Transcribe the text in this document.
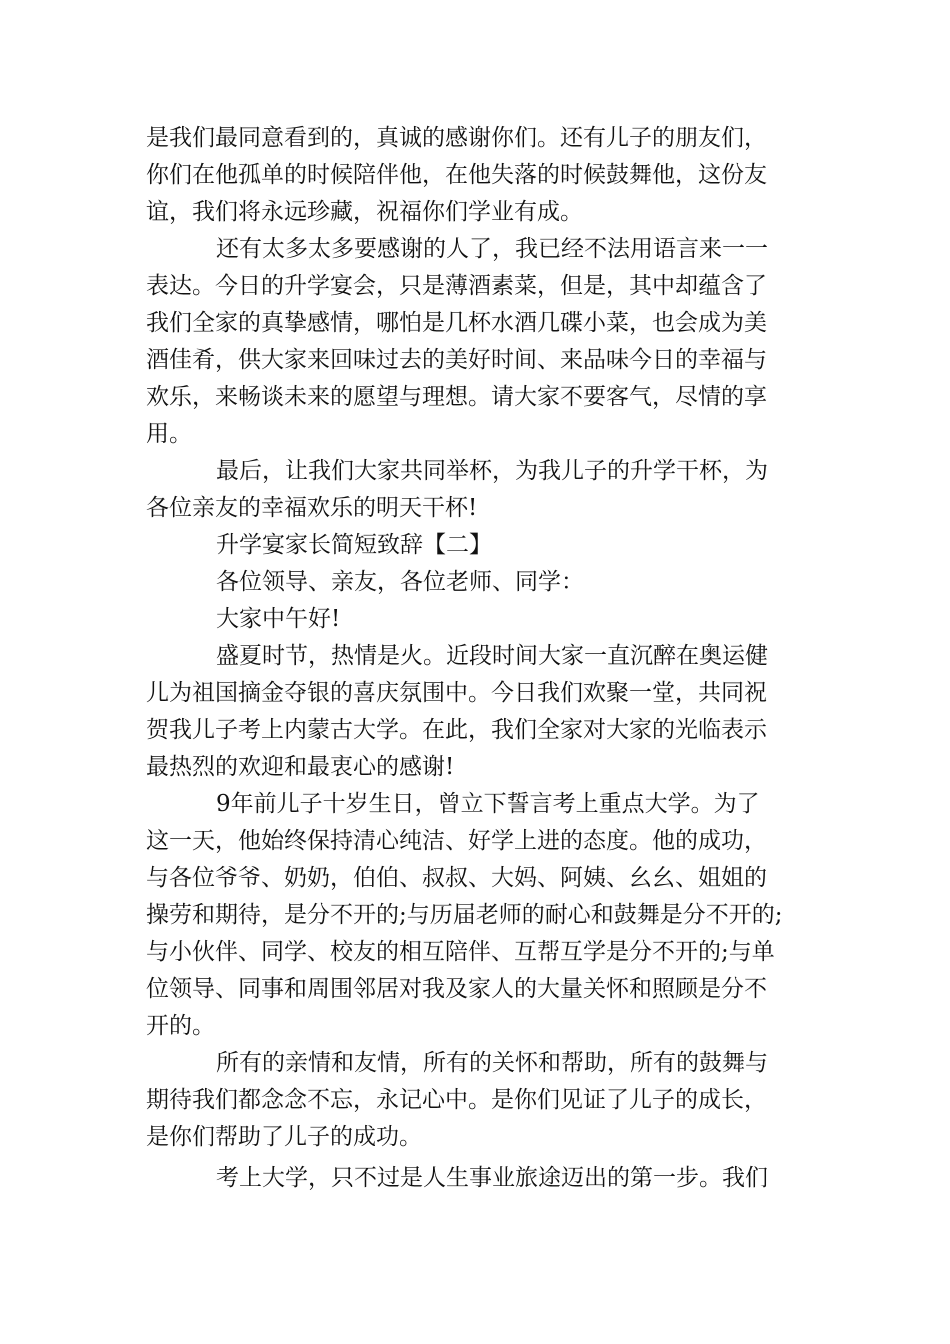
是我们最同意看到的，真诚的感谢你们。还有儿子的朋友们，
你们在他孤单的时候陪伴他，在他失落的时候鼓舞他，这份友
谊，我们将永远珍藏，祝福你们学业有成。
还有太多太多要感谢的人了，我已经不法用语言来一一
表达。今日的升学宴会，只是薄酒素菜，但是，其中却蕴含了
我们全家的真挚感情，哪怕是几杯水酒几碟小菜，也会成为美
酒佳肴，供大家来回味过去的美好时间、来品味今日的幸福与
欢乐，来畅谈未来的愿望与理想。请大家不要客气，尽情的享
用。
最后，让我们大家共同举杯，为我儿子的升学干杯，为
各位亲友的幸福欢乐的明天干杯!
升学宴家长简短致辞【二】
各位领导、亲友，各位老师、同学：
大家中午好!
盛夏时节，热情是火。近段时间大家一直沉醉在奥运健
儿为祖国摘金夺银的喜庆氛围中。今日我们欢聚一堂，共同祝
贺我儿子考上内蒙古大学。在此，我们全家对大家的光临表示
最热烈的欢迎和最衷心的感谢!
9年前儿子十岁生日，曾立下誓言考上重点大学。为了
这一天，他始终保持清心纯洁、好学上进的态度。他的成功，
与各位爷爷、奶奶，伯伯、叔叔、大妈、阿姨、幺幺、姐姐的
操劳和期待，是分不开的;与历届老师的耐心和鼓舞是分不开的;
与小伙伴、同学、校友的相互陪伴、互帮互学是分不开的;与单
位领导、同事和周围邻居对我及家人的大量关怀和照顾是分不
开的。
所有的亲情和友情，所有的关怀和帮助，所有的鼓舞与
期待我们都念念不忘，永记心中。是你们见证了儿子的成长，
是你们帮助了儿子的成功。
考上大学，只不过是人生事业旅途迈出的第一步。我们
